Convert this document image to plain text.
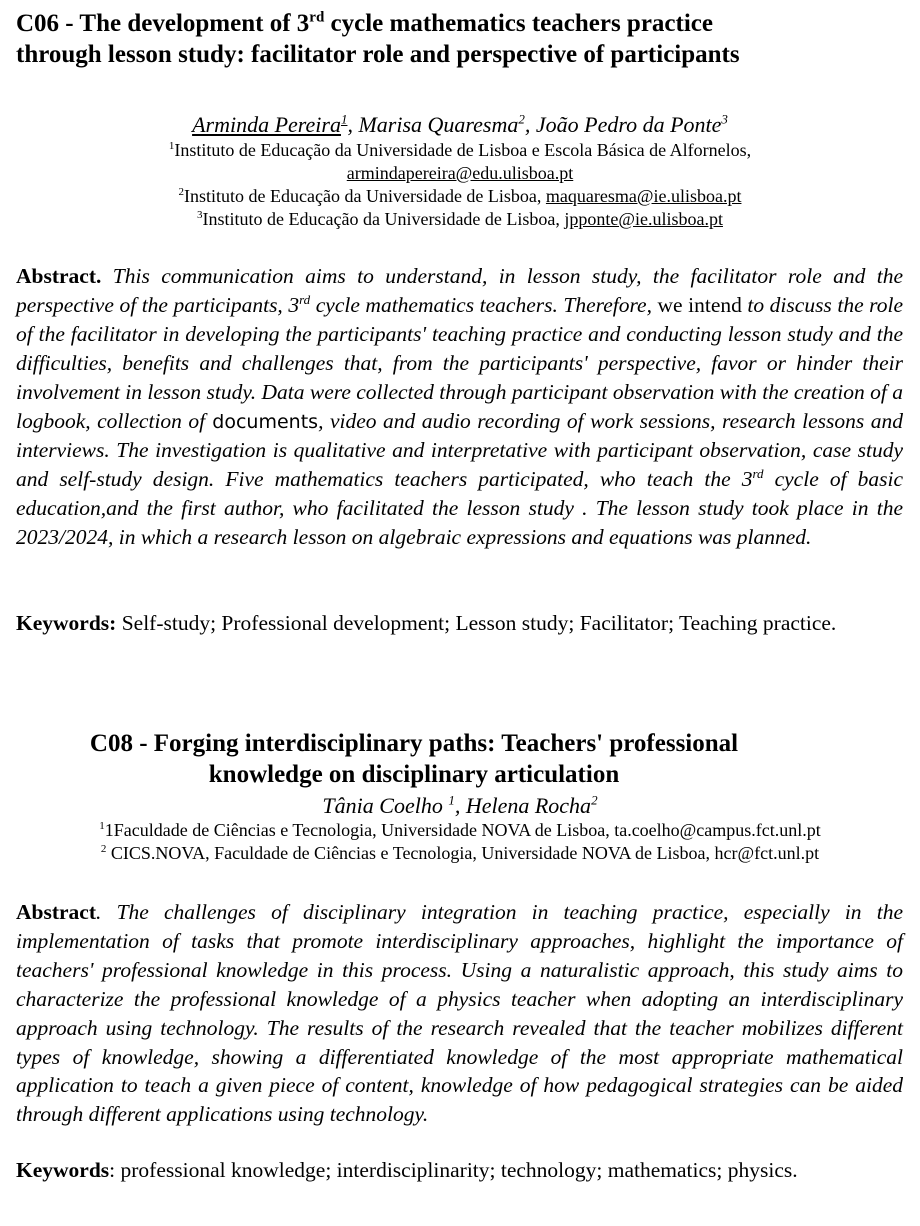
C06 - The development of 3rd cycle mathematics teachers practice
through lesson study: facilitator role and perspective of participants
Arminda Pereira$^1$, Marisa Quaresma$^2$, João Pedro da Ponte$^3$
$^1$Instituto de Educação da Universidade de Lisboa e Escola Básica de Alfornelos,
armindapereira@edu.ulisboa.pt
$^2$Instituto de Educação da Universidade de Lisboa, maquaresma@ie.ulisboa.pt
$^3$Instituto de Educação da Universidade de Lisboa, jpponte@ie.ulisboa.pt

Abstract. This communication aims to understand, in lesson study, the facilitator role and the perspective of the participants, 3rd cycle mathematics teachers. Therefore, we intend to discuss the role of the facilitator in developing the participants' teaching practice and conducting lesson study and the difficulties, benefits and challenges that, from the participants' perspective, favor or hinder their involvement in lesson study. Data were collected through participant observation with the creation of a logbook, collection of documents, video and audio recording of work sessions, research lessons and interviews. The investigation is qualitative and interpretative with participant observation, case study and self-study design. Five mathematics teachers participated, who teach the 3rd cycle of basic education,and the first author, who facilitated the lesson study . The lesson study took place in the 2023/2024, in which a research lesson on algebraic expressions and equations was planned.

Keywords: Self-study; Professional development; Lesson study; Facilitator; Teaching practice.

C08 - Forging interdisciplinary paths: Teachers' professional
knowledge on disciplinary articulation
Tânia Coelho $^1$, Helena Rocha$^2$
$^1$1Faculdade de Ciências e Tecnologia, Universidade NOVA de Lisboa, ta.coelho@campus.fct.unl.pt
$^2$ CICS.NOVA, Faculdade de Ciências e Tecnologia, Universidade NOVA de Lisboa, hcr@fct.unl.pt

Abstract. The challenges of disciplinary integration in teaching practice, especially in the implementation of tasks that promote interdisciplinary approaches, highlight the importance of teachers' professional knowledge in this process. Using a naturalistic approach, this study aims to characterize the professional knowledge of a physics teacher when adopting an interdisciplinary approach using technology. The results of the research revealed that the teacher mobilizes different types of knowledge, showing a differentiated knowledge of the most appropriate mathematical application to teach a given piece of content, knowledge of how pedagogical strategies can be aided through different applications using technology.

Keywords: professional knowledge; interdisciplinarity; technology; mathematics; physics.
